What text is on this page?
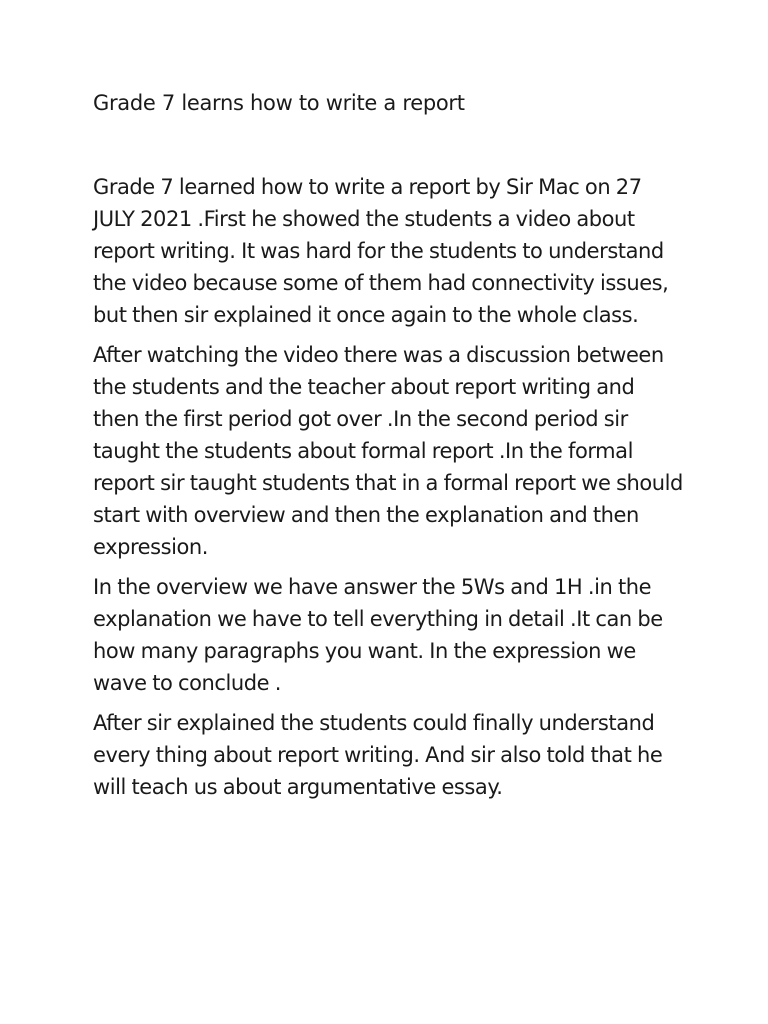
Grade 7 learns how to write a report

Grade 7 learned how to write a report by Sir Mac on 27 JULY 2021 .First he showed the students a video about report writing. It was hard for the students to understand the video because some of them had connectivity issues, but then sir explained it once again to the whole class.

After watching the video there was a discussion between the students and the teacher about report writing and then the first period got over .In the second period sir taught the students about formal report .In the formal report sir taught students that in a formal report we should start with overview and then the explanation and then expression.

In the overview we have answer the 5Ws and 1H .in the explanation we have to tell everything in detail .It can be how many paragraphs you want. In the expression we wave to conclude .

After sir explained the students could finally understand every thing about report writing. And sir also told that he will teach us about argumentative essay.
